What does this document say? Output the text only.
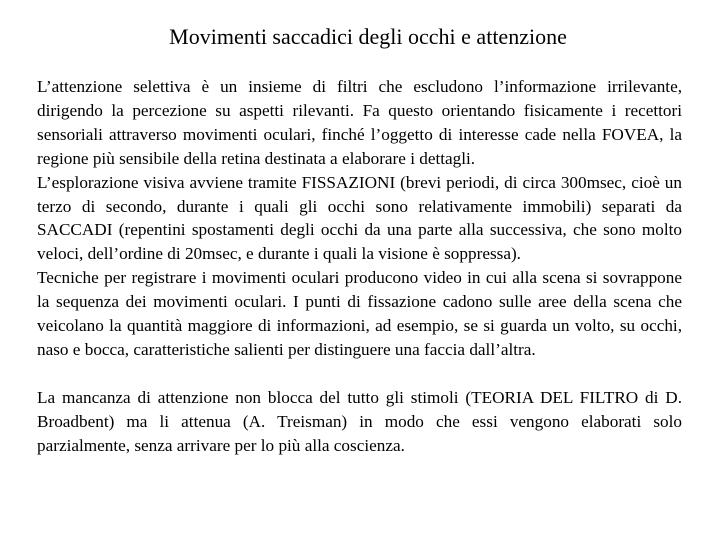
Movimenti saccadici degli occhi e attenzione

L’attenzione selettiva è un insieme di filtri che escludono l’informazione irrilevante, dirigendo la percezione su aspetti rilevanti. Fa questo orientando fisicamente i recettori sensoriali attraverso movimenti oculari, finché l’oggetto di interesse cade nella FOVEA, la regione più sensibile della retina destinata a elaborare i dettagli.

L’esplorazione visiva avviene tramite FISSAZIONI (brevi periodi, di circa 300msec, cioè un terzo di secondo, durante i quali gli occhi sono relativamente immobili) separati da SACCADI (repentini spostamenti degli occhi da una parte alla successiva, che sono molto veloci, dell’ordine di 20msec, e durante i quali la visione è soppressa).

Tecniche per registrare i movimenti oculari producono video in cui alla scena si sovrappone la sequenza dei movimenti oculari. I punti di fissazione cadono sulle aree della scena che veicolano la quantità maggiore di informazioni, ad esempio, se si guarda un volto, su occhi, naso e bocca, caratteristiche salienti per distinguere una faccia dall’altra.

La mancanza di attenzione non blocca del tutto gli stimoli (TEORIA DEL FILTRO di D. Broadbent) ma li attenua (A. Treisman) in modo che essi vengono elaborati solo parzialmente, senza arrivare per lo più alla coscienza.
